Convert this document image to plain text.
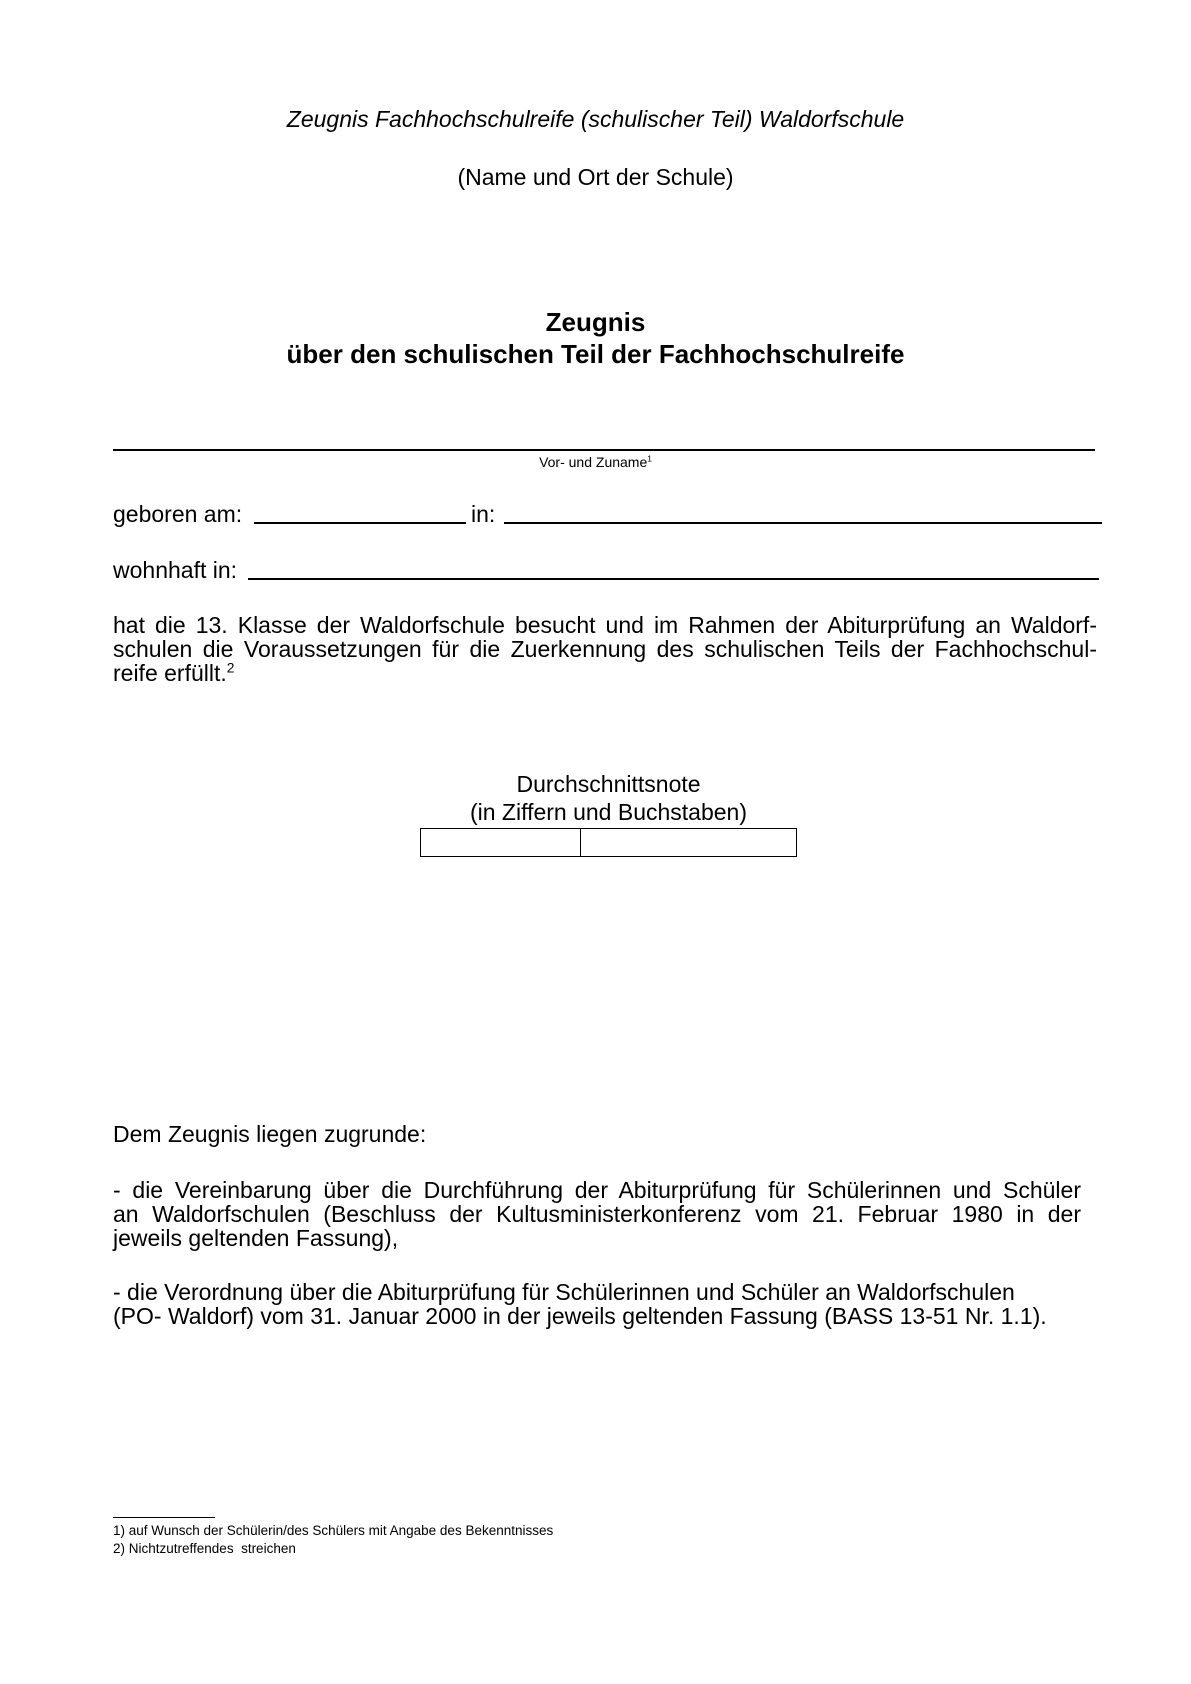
Zeugnis Fachhochschulreife (schulischer Teil) Waldorfschule
(Name und Ort der Schule)
Zeugnis
über den schulischen Teil der Fachhochschulreife
Vor- und Zuname$^1$
geboren am:	in:
wohnhaft in:
hat die 13. Klasse der Waldorfschule besucht und im Rahmen der Abiturprüfung an Waldorf-
schulen die Voraussetzungen für die Zuerkennung des schulischen Teils der Fachhochschul-
reife erfüllt.$^2$
Durchschnittsnote
(in Ziffern und Buchstaben)
Dem Zeugnis liegen zugrunde:
- die Vereinbarung über die Durchführung der Abiturprüfung für Schülerinnen und Schüler
an Waldorfschulen (Beschluss der Kultusministerkonferenz vom 21. Februar 1980 in der
jeweils geltenden Fassung),
- die Verordnung über die Abiturprüfung für Schülerinnen und Schüler an Waldorfschulen
(PO- Waldorf) vom 31. Januar 2000 in der jeweils geltenden Fassung (BASS 13-51 Nr. 1.1).
1) auf Wunsch der Schülerin/des Schülers mit Angabe des Bekenntnisses
2) Nichtzutreffendes  streichen
